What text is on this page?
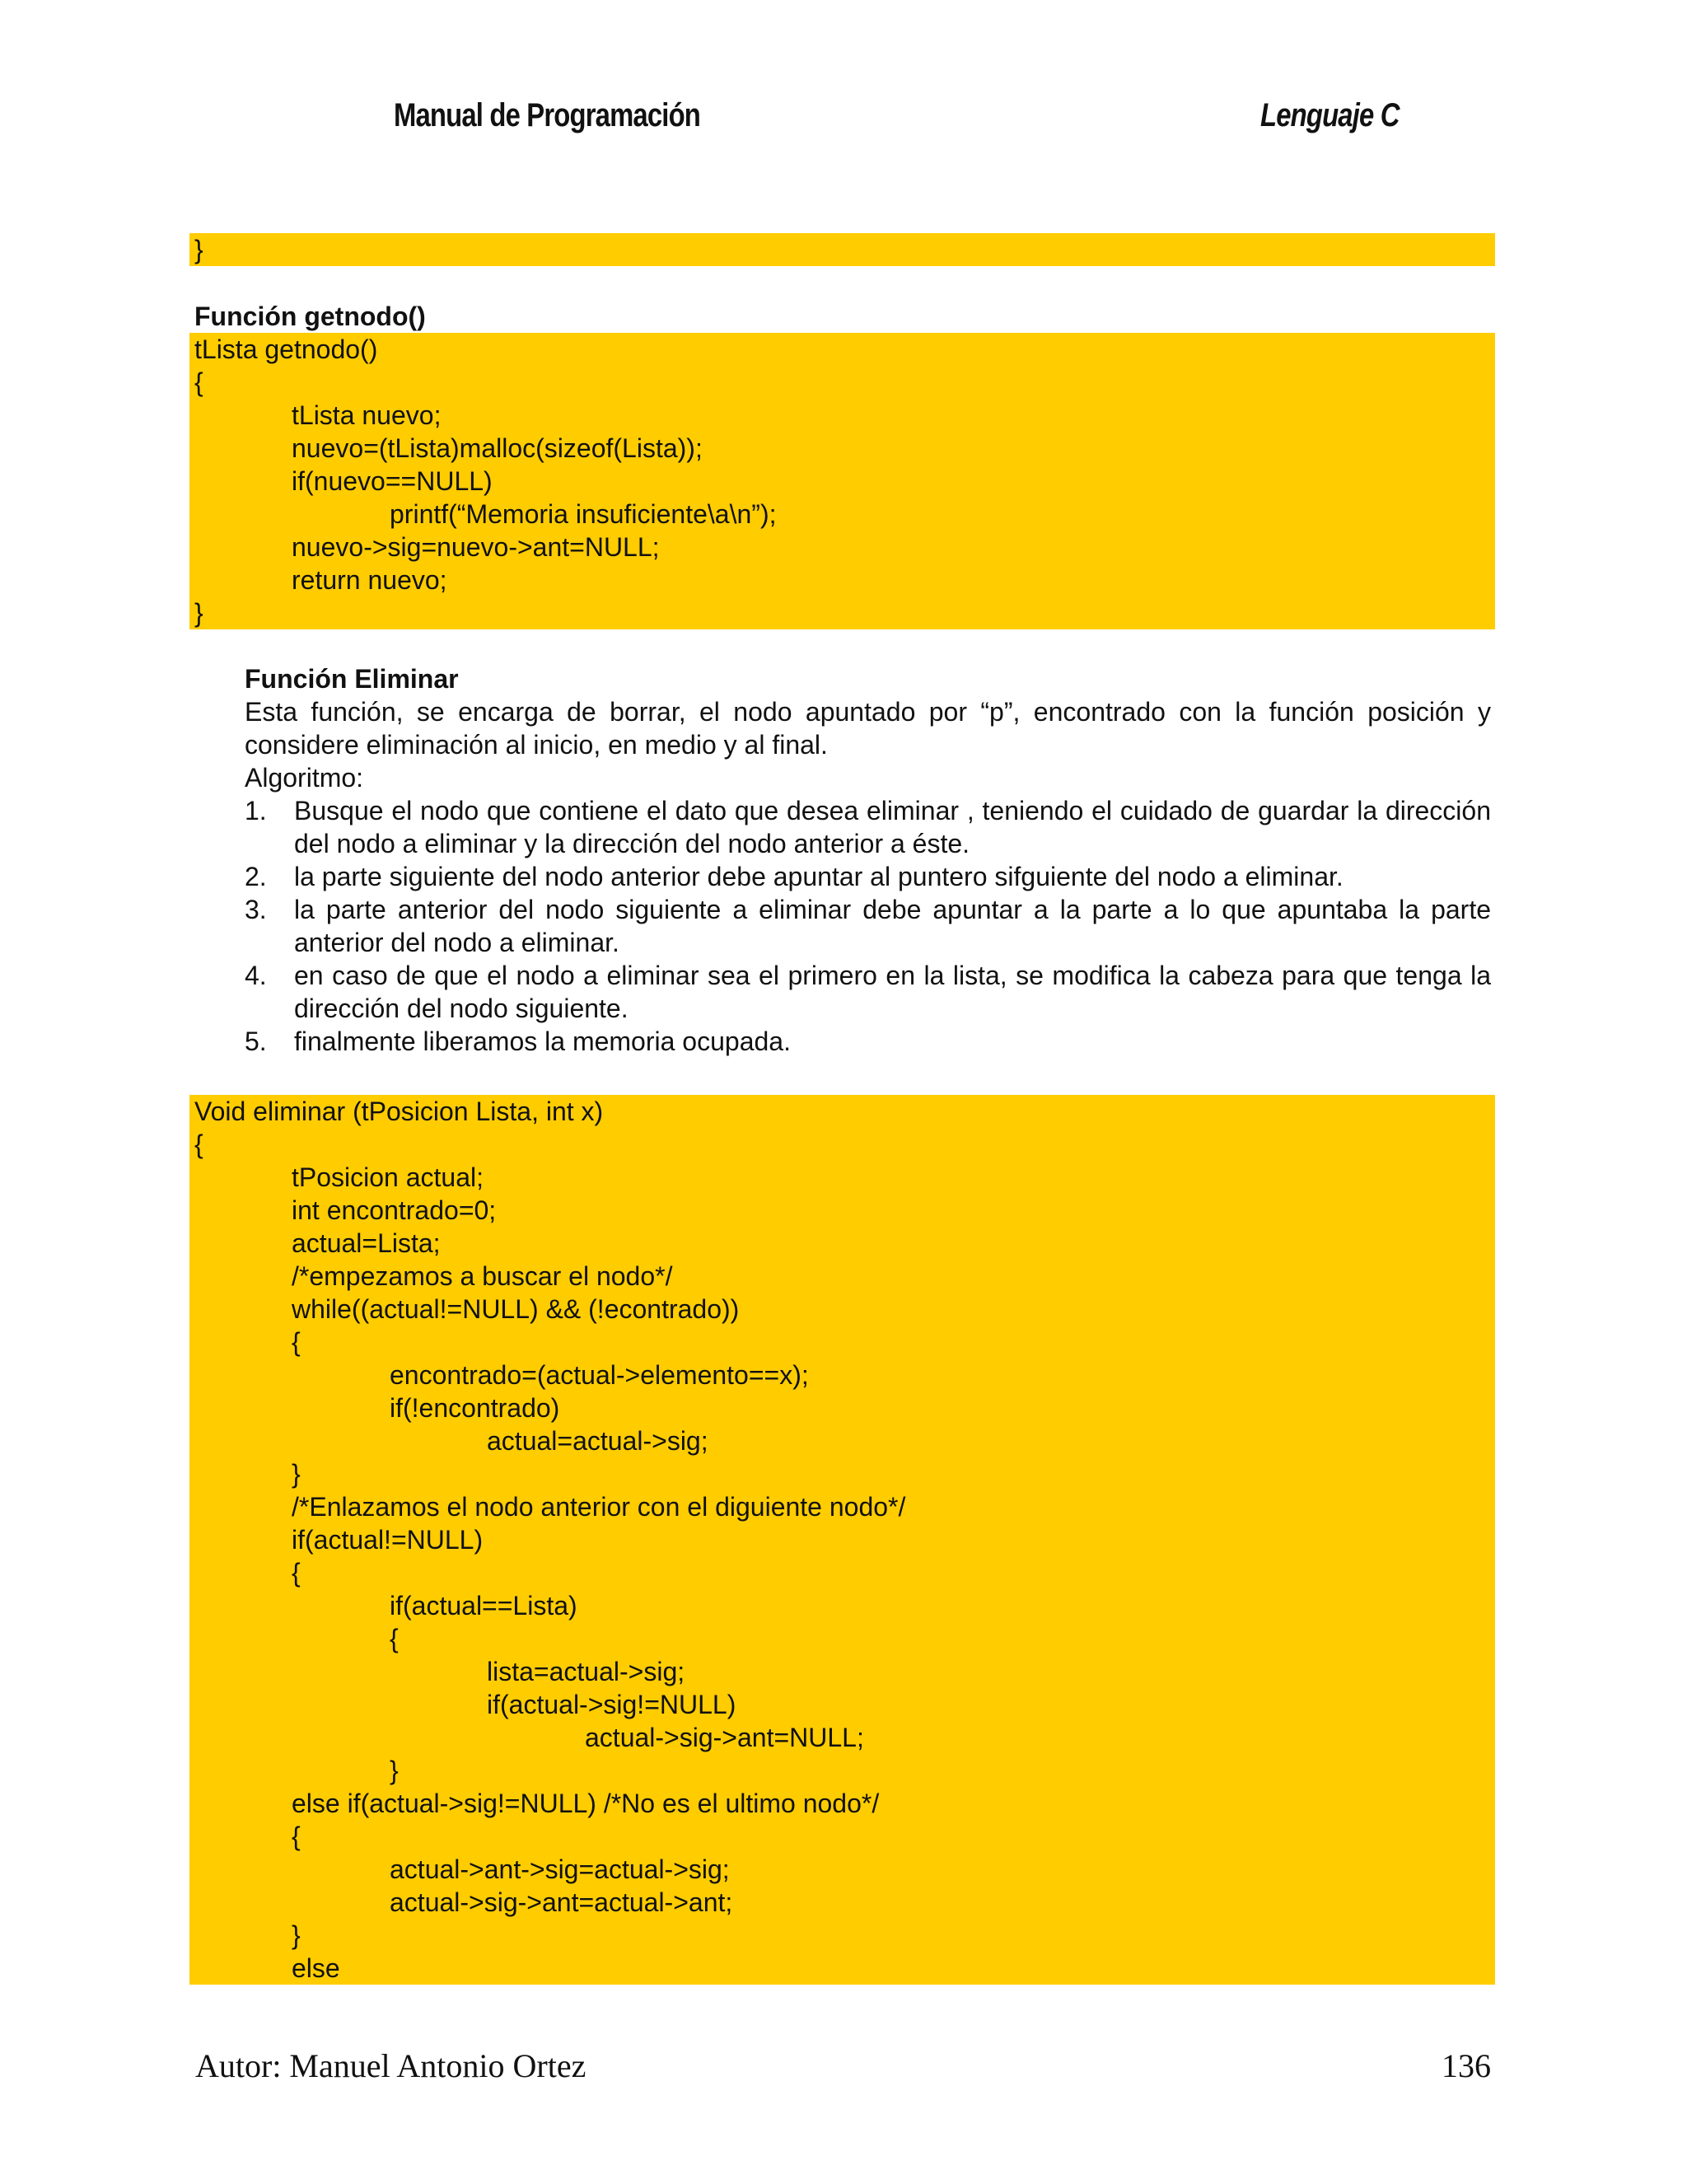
Manual de Programación	Lenguaje C
}
Función getnodo()
tLista getnodo()
{
tLista nuevo;
nuevo=(tLista)malloc(sizeof(Lista));
if(nuevo==NULL)
printf(“Memoria insuficiente\a\n”);
nuevo->sig=nuevo->ant=NULL;
return nuevo;
}
Función Eliminar

Esta función, se encarga de borrar, el nodo apuntado por “p”, encontrado con la función posición y considere eliminación al inicio, en medio y al final.

Algoritmo:
1. Busque el nodo que contiene el dato que desea eliminar , teniendo el cuidado de guardar la dirección del nodo a eliminar y la dirección del nodo anterior a éste.
2. la parte siguiente del nodo anterior debe apuntar al puntero sifguiente del nodo a eliminar.
3. la parte anterior del nodo siguiente a eliminar debe apuntar a la parte a lo que apuntaba la parte anterior del nodo a eliminar.
4. en caso de que el nodo a eliminar sea el primero en la lista, se modifica la cabeza para que tenga la dirección del nodo siguiente.
5. finalmente liberamos la memoria ocupada.
Void eliminar (tPosicion Lista, int x)
{
tPosicion actual;
int encontrado=0;
actual=Lista;
/*empezamos a buscar el nodo*/
while((actual!=NULL) && (!econtrado))
{
encontrado=(actual->elemento==x);
if(!encontrado)
actual=actual->sig;
}
/*Enlazamos el nodo anterior con el diguiente nodo*/
if(actual!=NULL)
{
if(actual==Lista)
{
lista=actual->sig;
if(actual->sig!=NULL)
actual->sig->ant=NULL;
}
else if(actual->sig!=NULL) /*No es el ultimo nodo*/
{
actual->ant->sig=actual->sig;
actual->sig->ant=actual->ant;
}
else
Autor: Manuel Antonio Ortez	136
